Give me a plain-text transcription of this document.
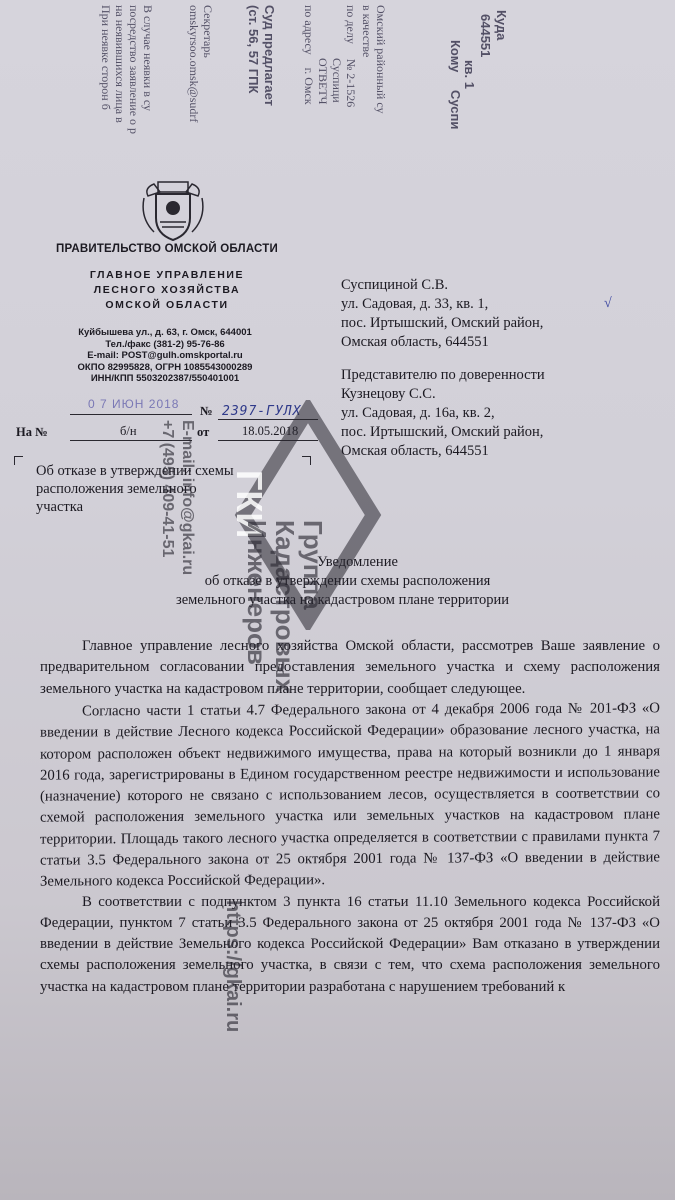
Куда
644551
кв. 1
Кому Суспи
Омский районный су
в качестве
по делу № 2-1526
Суспици
ОТВЕТЧ
по адресу г. Омск
Суд предлагает
(ст. 56, 57 ГПК
Секретарь
omskyrsoo.omsk@sudrf
В случае неявки в су
посредство заявление о р
на неявившихся лица в
При неявке сторон б
ПРАВИТЕЛЬСТВО ОМСКОЙ ОБЛАСТИ
ГЛАВНОЕ УПРАВЛЕНИЕ
ЛЕСНОГО ХОЗЯЙСТВА
ОМСКОЙ ОБЛАСТИ
Куйбышева ул., д. 63, г. Омск, 644001
Тел./факс (381-2) 95-76-86
E-mail: POST@gulh.omskportal.ru
ОКПО 82995828, ОГРН 1085543000289
ИНН/КПП 5503202387/550401001
0 7 ИЮН 2018 № 2397-ГУЛХ
На №	б/н	от	18.05.2018
Суспициной С.В.
ул. Садовая, д. 33, кв. 1,
пос. Иртышский, Омский район,
Омская область, 644551
√
Представителю по доверенности
Кузнецову С.С.
ул. Садовая, д. 16а, кв. 2,
пос. Иртышский, Омский район,
Омская область, 644551
Об отказе в утверждении схемы
расположения земельного
участка
Уведомление
об отказе в утверждении схемы расположения
земельного участка на кадастровом плане территории

Главное управление лесного хозяйства Омской области, рассмотрев Ваше заявление о предварительном согласовании предоставления земельного участка и схему расположения земельного участка на кадастровом плане территории, сообщает следующее.

Согласно части 1 статьи 4.7 Федерального закона от 4 декабря 2006 года № 201-ФЗ «О введении в действие Лесного кодекса Российской Федерации» образование лесного участка, на котором расположен объект недвижимого имущества, права на который возникли до 1 января 2016 года, зарегистрированы в Едином государственном реестре недвижимости и использование (назначение) которого не связано с использованием лесов, осуществляется в соответствии со схемой расположения земельного участка или земельных участков на кадастровом плане территории. Площадь такого лесного участка определяется в соответствии с правилами пункта 7 статьи 3.5 Федерального закона от 25 октября 2001 года № 137-ФЗ «О введении в действие Земельного кодекса Российской Федерации».

В соответствии с подпунктом 3 пункта 16 статьи 11.10 Земельного кодекса Российской Федерации, пунктом 7 статьи 3.5 Федерального закона от 25 октября 2001 года № 137-ФЗ «О введении в действие Земельного кодекса Российской Федерации» Вам отказано в утверждении схемы расположения земельного участка, в связи с тем, что схема расположения земельного участка на кадастровом плане территории разработана с нарушением требований к

ГКИ
Группа
Кадастровых
Инженеров
E-mail: info@gkai.ru
+7 (495) 409-41-51
https://gkai.ru
